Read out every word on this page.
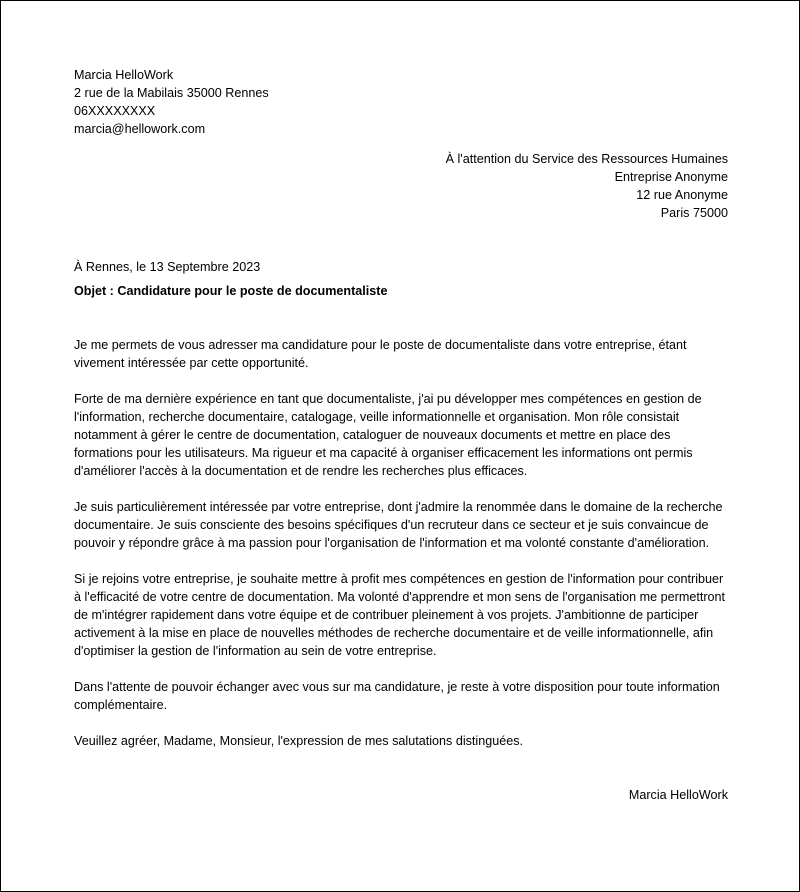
Marcia HelloWork
2 rue de la Mabilais 35000 Rennes
06XXXXXXXX
marcia@hellowork.com
À l'attention du Service des Ressources Humaines
Entreprise Anonyme
12 rue Anonyme
Paris 75000
À Rennes, le 13 Septembre 2023
Objet : Candidature pour le poste de documentaliste

Je me permets de vous adresser ma candidature pour le poste de documentaliste dans votre entreprise, étant vivement intéressée par cette opportunité.

Forte de ma dernière expérience en tant que documentaliste, j'ai pu développer mes compétences en gestion de l'information, recherche documentaire, catalogage, veille informationnelle et organisation. Mon rôle consistait notamment à gérer le centre de documentation, cataloguer de nouveaux documents et mettre en place des formations pour les utilisateurs. Ma rigueur et ma capacité à organiser efficacement les informations ont permis d'améliorer l'accès à la documentation et de rendre les recherches plus efficaces.

Je suis particulièrement intéressée par votre entreprise, dont j'admire la renommée dans le domaine de la recherche documentaire. Je suis consciente des besoins spécifiques d'un recruteur dans ce secteur et je suis convaincue de pouvoir y répondre grâce à ma passion pour l'organisation de l'information et ma volonté constante d'amélioration.

Si je rejoins votre entreprise, je souhaite mettre à profit mes compétences en gestion de l'information pour contribuer à l'efficacité de votre centre de documentation. Ma volonté d'apprendre et mon sens de l'organisation me permettront de m'intégrer rapidement dans votre équipe et de contribuer pleinement à vos projets. J'ambitionne de participer activement à la mise en place de nouvelles méthodes de recherche documentaire et de veille informationnelle, afin d'optimiser la gestion de l'information au sein de votre entreprise.

Dans l'attente de pouvoir échanger avec vous sur ma candidature, je reste à votre disposition pour toute information complémentaire.

Veuillez agréer, Madame, Monsieur, l'expression de mes salutations distinguées.

Marcia HelloWork
